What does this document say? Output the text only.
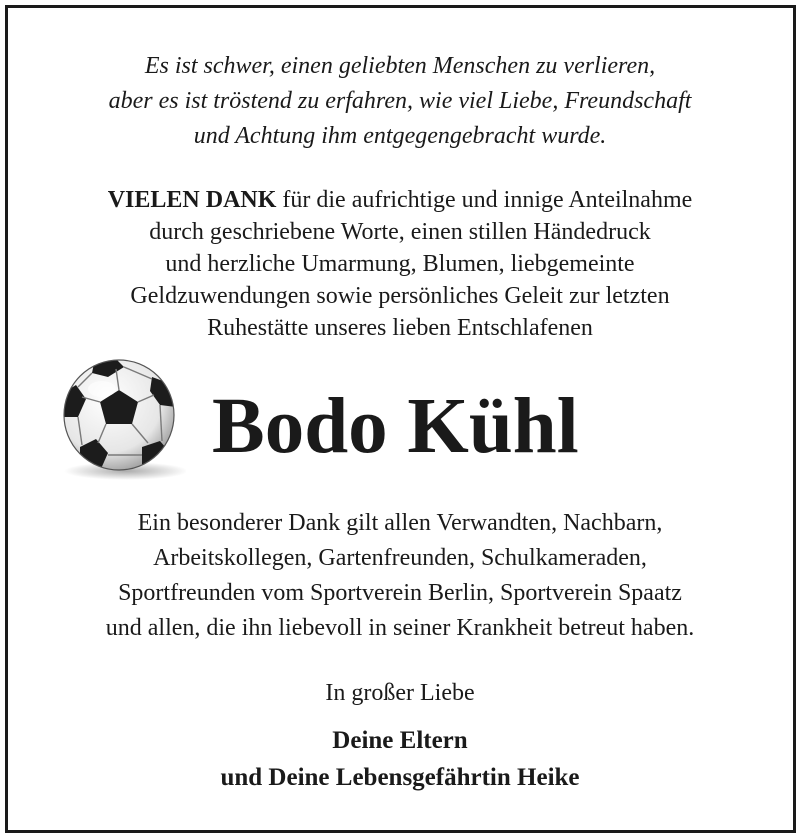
Es ist schwer, einen geliebten Menschen zu verlieren,
aber es ist tröstend zu erfahren, wie viel Liebe, Freundschaft
und Achtung ihm entgegengebracht wurde.
VIELEN DANK für die aufrichtige und innige Anteilnahme
durch geschriebene Worte, einen stillen Händedruck
und herzliche Umarmung, Blumen, liebgemeinte
Geldzuwendungen sowie persönliches Geleit zur letzten
Ruhestätte unseres lieben Entschlafenen
Bodo Kühl
Ein besonderer Dank gilt allen Verwandten, Nachbarn,
Arbeitskollegen, Gartenfreunden, Schulkameraden,
Sportfreunden vom Sportverein Berlin, Sportverein Spaatz
und allen, die ihn liebevoll in seiner Krankheit betreut haben.
In großer Liebe
Deine Eltern
und Deine Lebensgefährtin Heike
